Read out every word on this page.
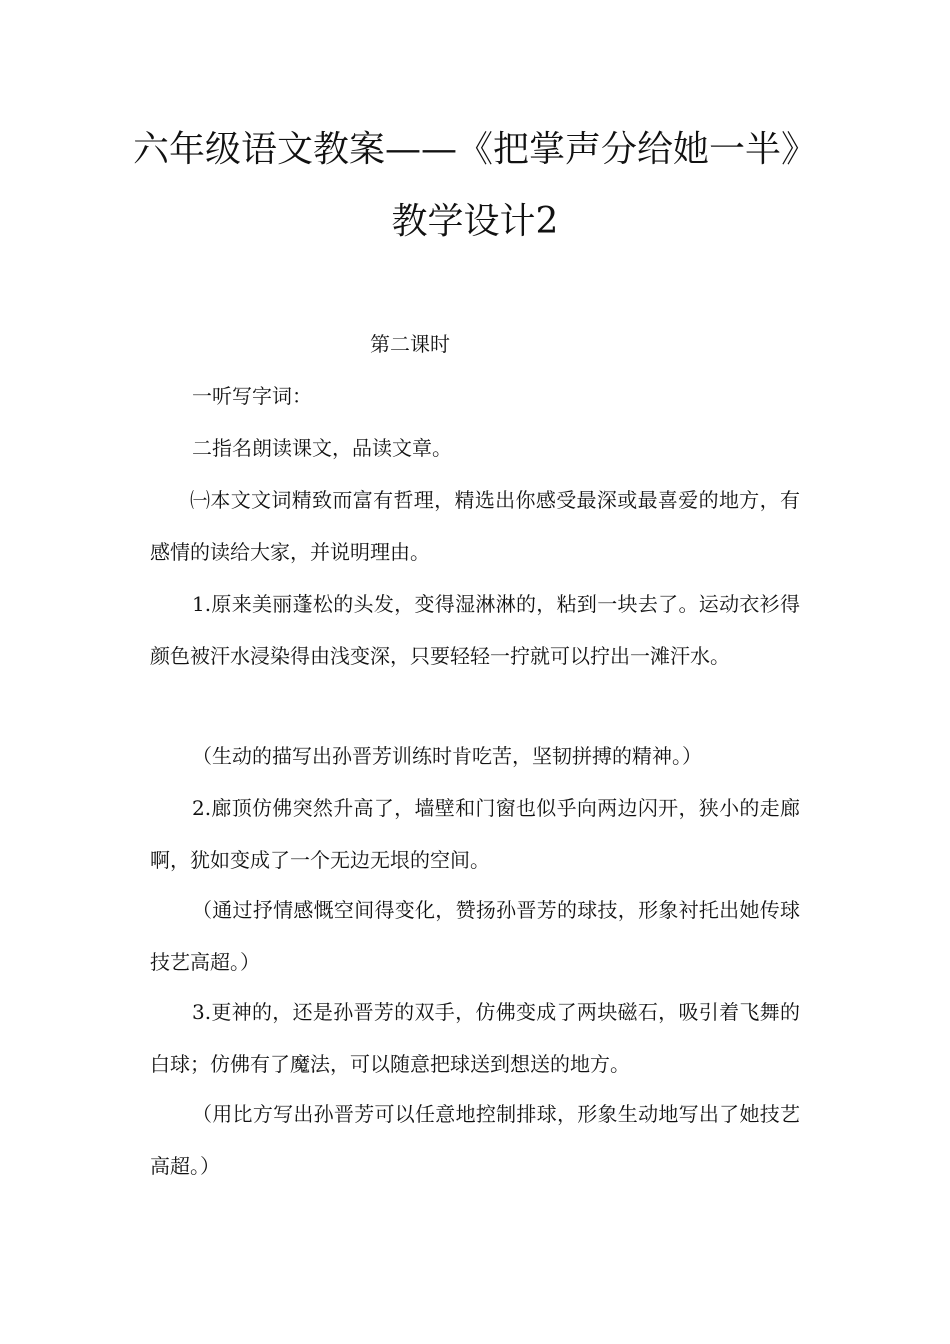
六年级语文教案——《把掌声分给她一半》
教学设计2

第二课时

一听写字词：

二指名朗读课文，品读文章。

㈠本文文词精致而富有哲理，精选出你感受最深或最喜爱的地方，有感情的读给大家，并说明理由。

1.原来美丽蓬松的头发，变得湿淋淋的，粘到一块去了。运动衣衫得颜色被汗水浸染得由浅变深，只要轻轻一拧就可以拧出一滩汗水。

（生动的描写出孙晋芳训练时肯吃苦，坚韧拼搏的精神。）

2.廊顶仿佛突然升高了，墙壁和门窗也似乎向两边闪开，狭小的走廊啊，犹如变成了一个无边无垠的空间。

（通过抒情感慨空间得变化，赞扬孙晋芳的球技，形象衬托出她传球技艺高超。）

3.更神的，还是孙晋芳的双手，仿佛变成了两块磁石，吸引着飞舞的白球；仿佛有了魔法，可以随意把球送到想送的地方。

（用比方写出孙晋芳可以任意地控制排球，形象生动地写出了她技艺高超。）
